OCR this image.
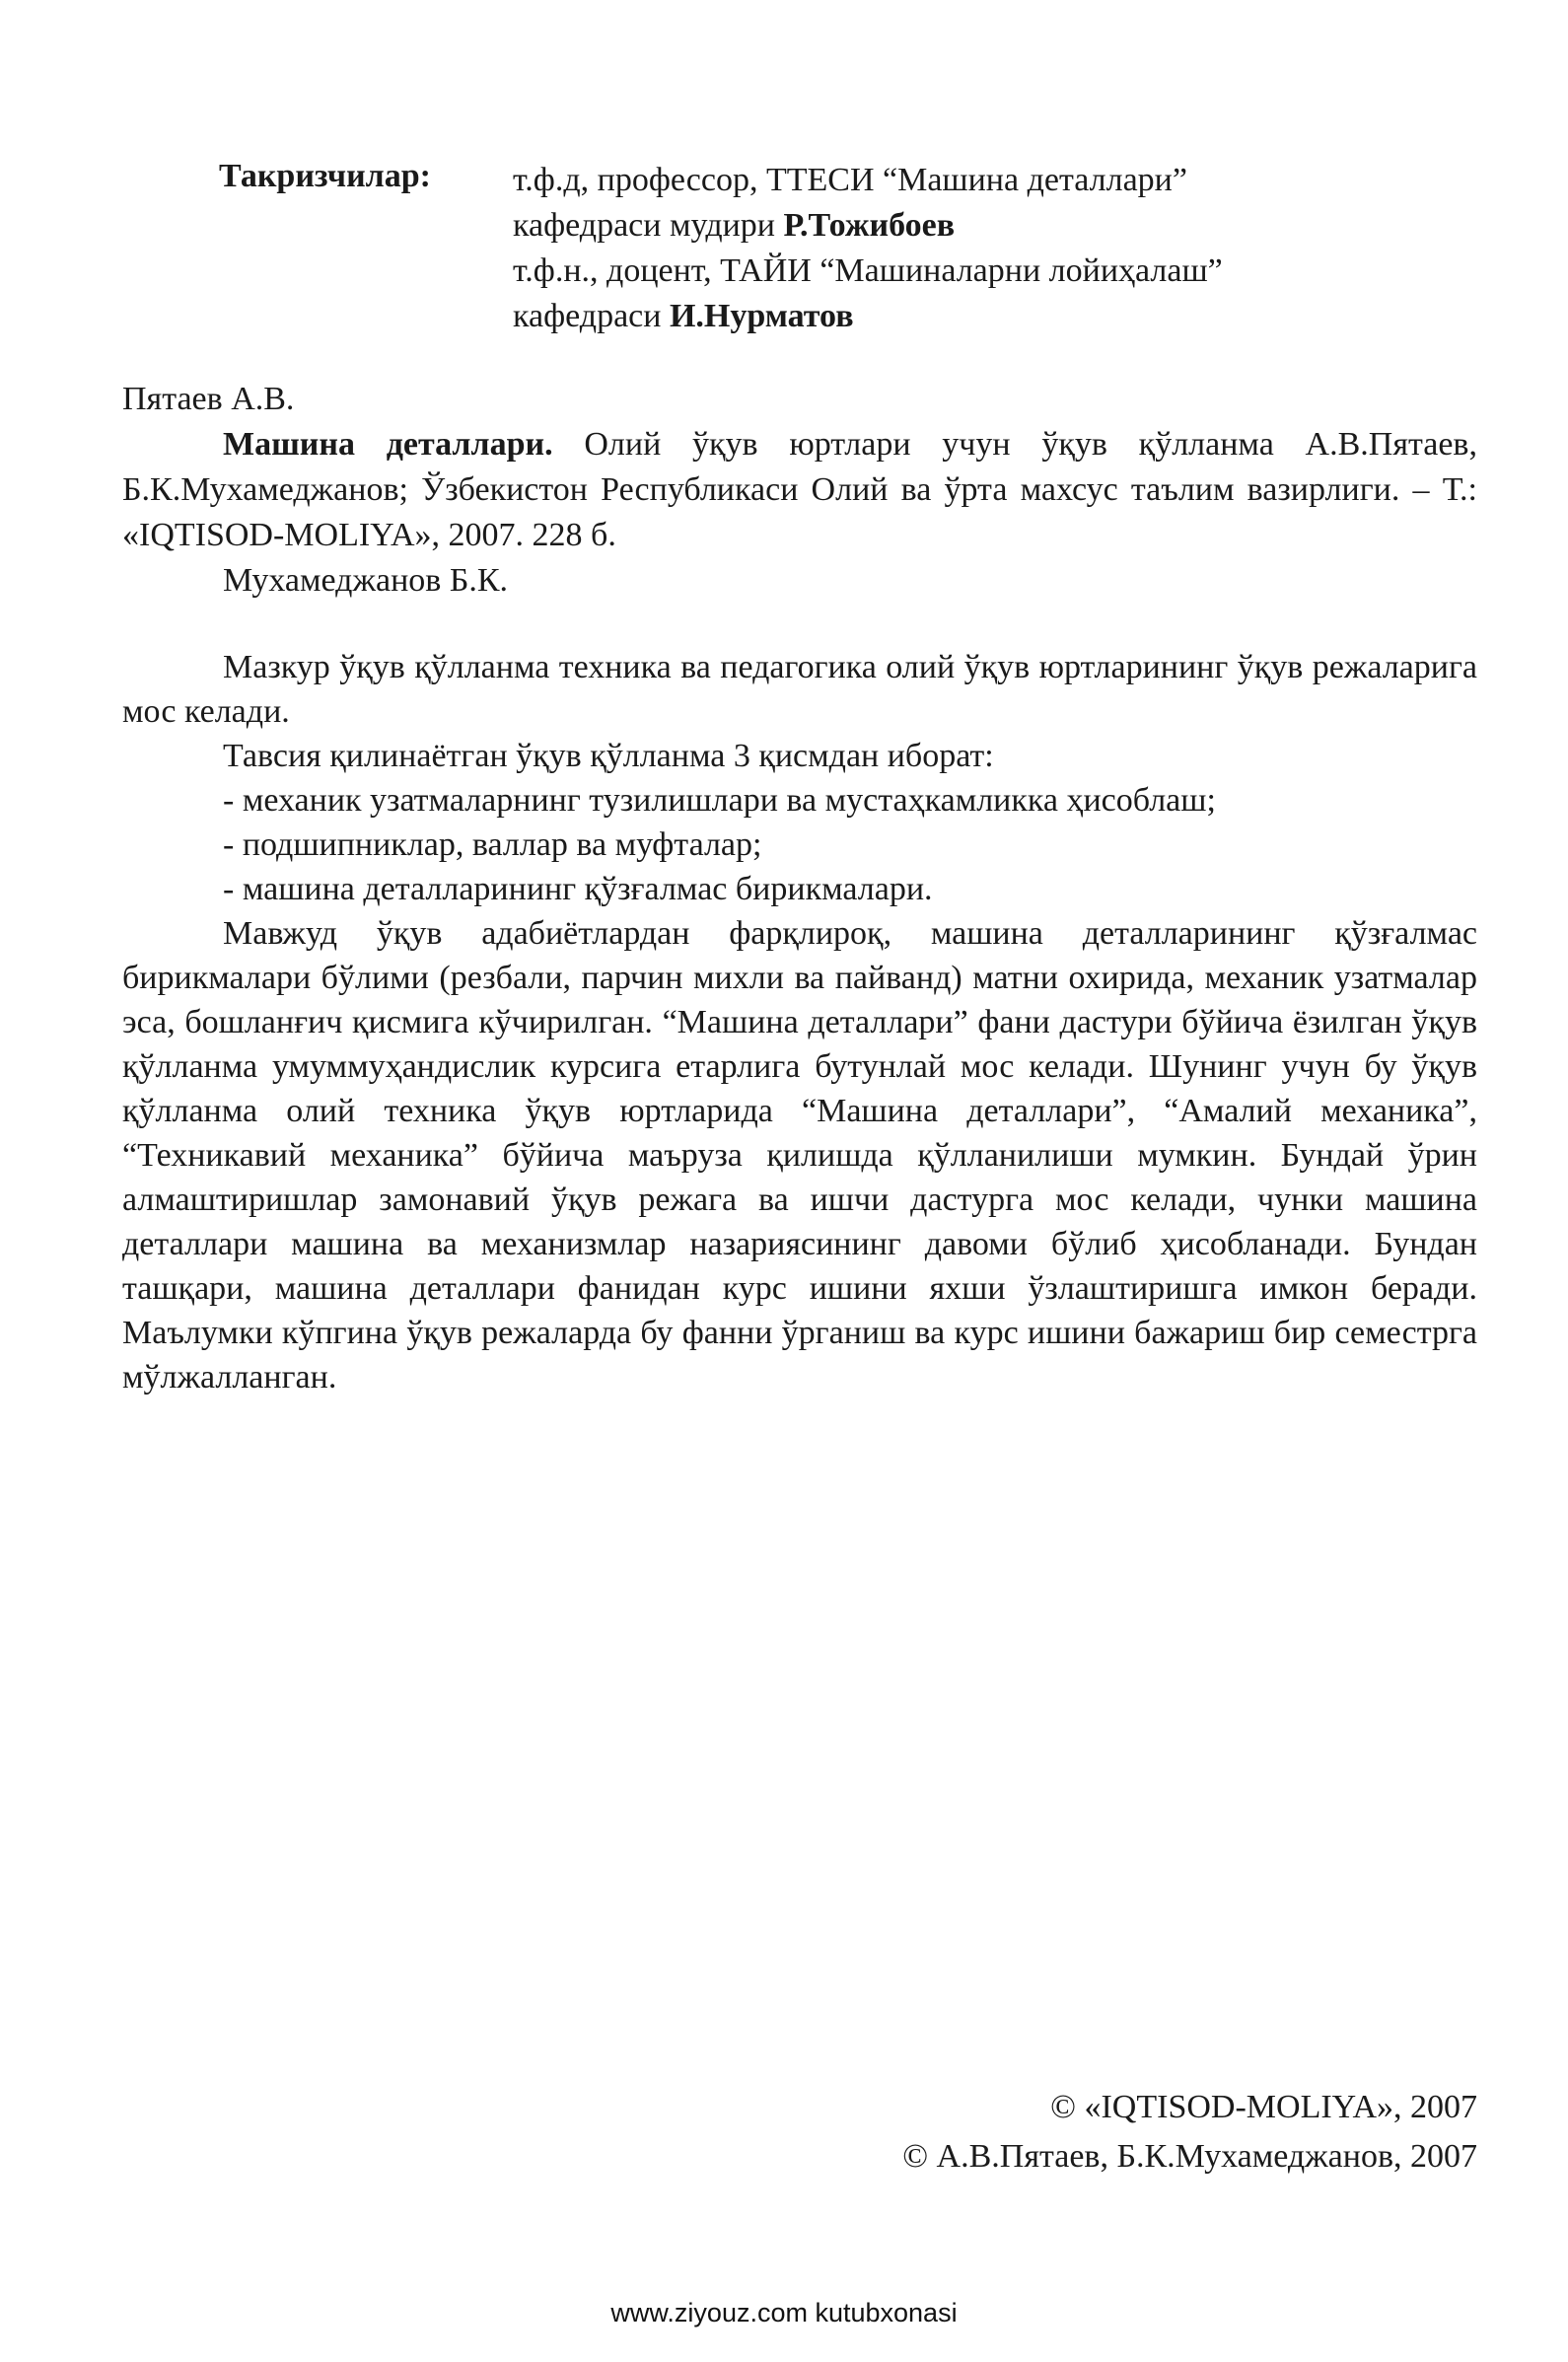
Такризчилар: т.ф.д, профессор, ТТЕСИ “Машина деталлари”
кафедраси мудири Р.Тожибоев
т.ф.н., доцент, ТАЙИ “Машиналарни лойиҳалаш”
кафедраси И.Нурматов
Пятаев А.В.

Машина деталлари. Олий ўқув юртлари учун ўқув қўлланма А.В.Пятаев, Б.К.Мухамеджанов; Ўзбекистон Республикаси Олий ва ўрта махсус таълим вазирлиги. – Т.: «IQTISOD-MOLIYA», 2007. 228 б.

Мухамеджанов Б.К.

Мазкур ўқув қўлланма техника ва педагогика олий ўқув юртларининг ўқув режаларига мос келади.

Тавсия қилинаётган ўқув қўлланма 3 қисмдан иборат:

- механик узатмаларнинг тузилишлари ва мустаҳкамликка ҳисоблаш;

- подшипниклар, валлар ва муфталар;

- машина деталларининг қўзғалмас бирикмалари.

Мавжуд ўқув адабиётлардан фарқлироқ, машина деталларининг қўзғалмас бирикмалари бўлими (резбали, парчин михли ва пайванд) матни охирида, механик узатмалар эса, бошланғич қисмига кўчирилган. “Машина деталлари” фани дастури бўйича ёзилган ўқув қўлланма умуммуҳандислик курсига етарлига бутунлай мос келади. Шунинг учун бу ўқув қўлланма олий техника ўқув юртларида “Машина деталлари”, “Амалий механика”, “Техникавий механика” бўйича маъруза қилишда қўлланилиши мумкин. Бундай ўрин алмаштиришлар замонавий ўқув режага ва ишчи дастурга мос келади, чунки машина деталлари машина ва механизмлар назариясининг давоми бўлиб ҳисобланади. Бундан ташқари, машина деталлари фанидан курс ишини яхши ўзлаштиришга имкон беради. Маълумки кўпгина ўқув режаларда бу фанни ўрганиш ва курс ишини бажариш бир семестрга мўлжалланган.

© «IQTISOD-MOLIYA», 2007
© А.В.Пятаев, Б.К.Мухамеджанов, 2007
www.ziyouz.com kutubxonasi
